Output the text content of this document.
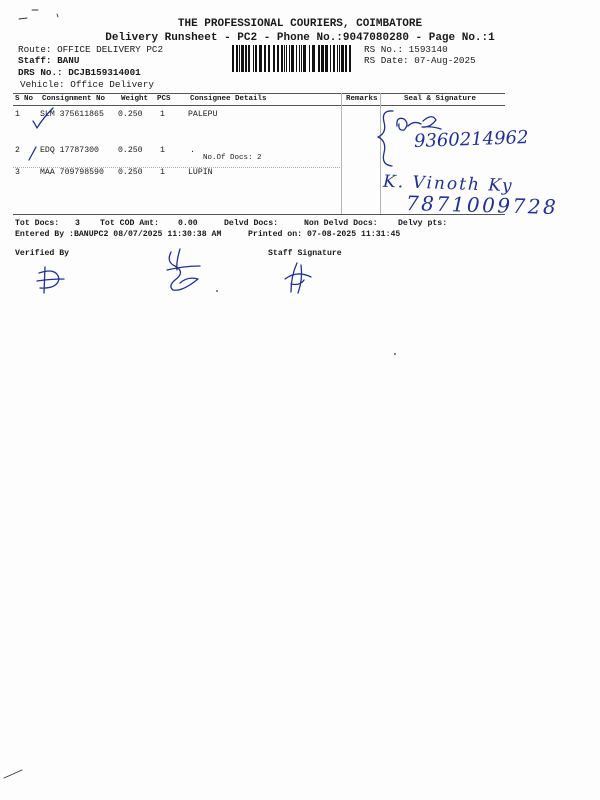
THE PROFESSIONAL COURIERS, COIMBATORE
Delivery Runsheet - PC2 - Phone No.:9047080280 - Page No.:1
Route: OFFICE DELIVERY PC2
Staff: BANU
DRS No.: DCJB159314001
Vehicle: Office Delivery
RS No.: 1593140
RS Date: 07-Aug-2025
S No Consignment No Weight PCS	Consignee Details	Remarks	Seal & Signature
1 SLM 375611865 0.250 1	PALEPU
2 EDQ 17787300 0.250 1	.
No.Of Docs: 2
3 MAA 709798590 0.250 1	LUPIN
Tot Docs: 3 Tot COD Amt: 0.00	Delvd Docs:	Non Delvd Docs: Delvy pts:
Entered By :BANUPC2 08/07/2025 11:30:38 AM	Printed on: 07-08-2025 11:31:45
Verified By	Staff Signature
9360214962
K. Vinoth Ky
7871009728
